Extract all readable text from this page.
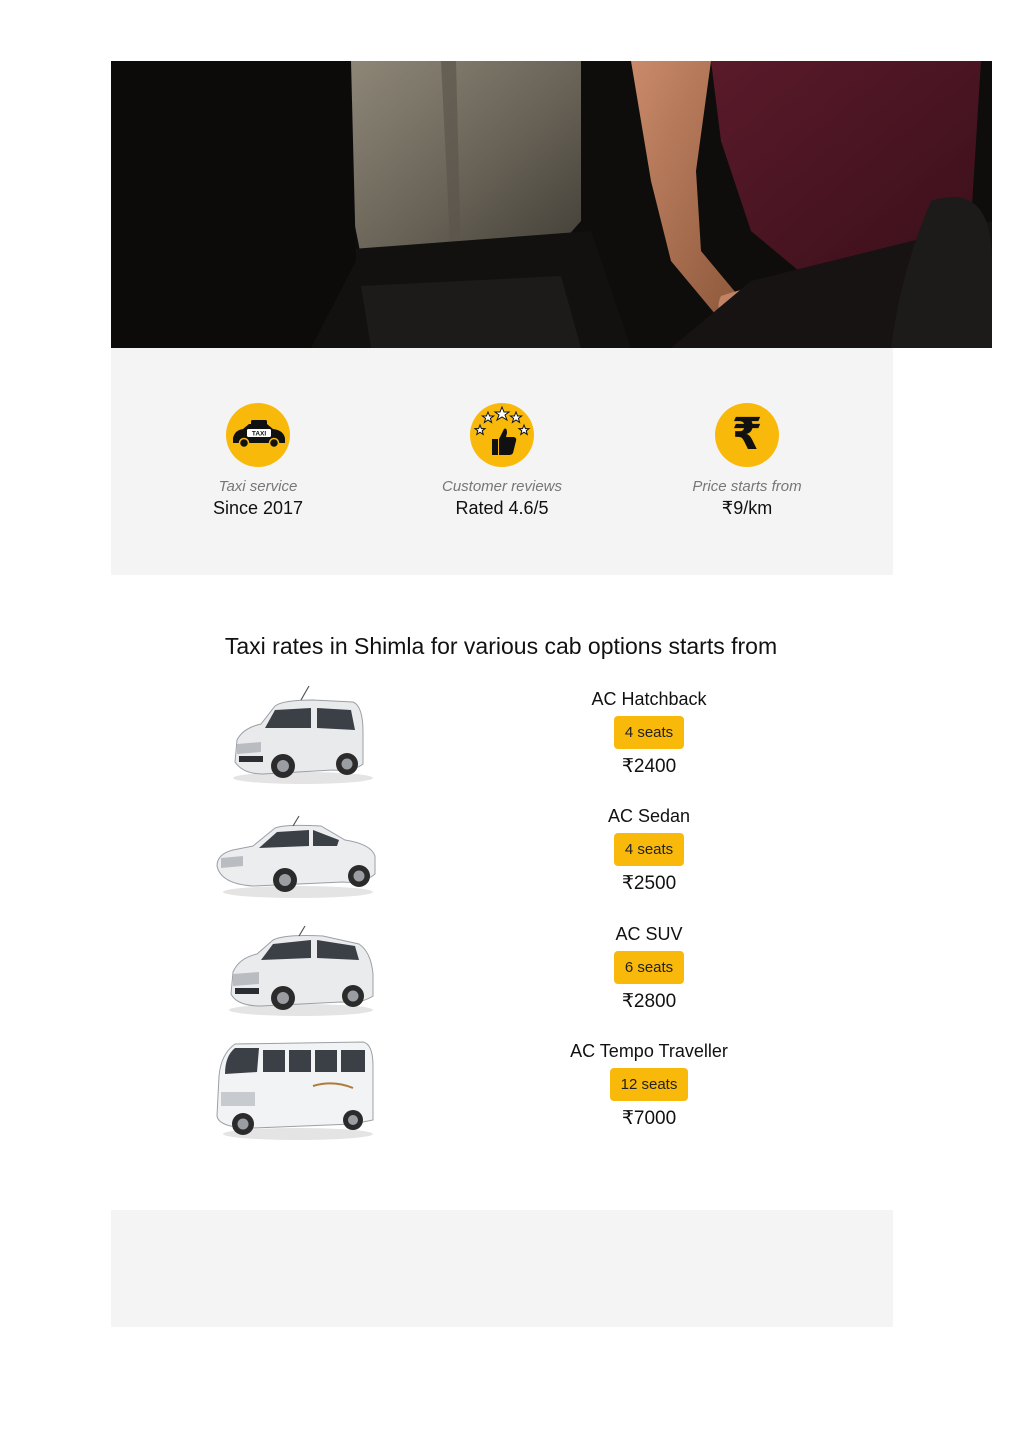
TAXI
Taxi service
Since 2017
Customer reviews
Rated 4.6/5
₹
Price starts from
₹9/km
Taxi rates in Shimla for various cab options starts from
AC Hatchback
4 seats
₹2400
AC Sedan
4 seats
₹2500
AC SUV
6 seats
₹2800
AC Tempo Traveller
12 seats
₹7000
